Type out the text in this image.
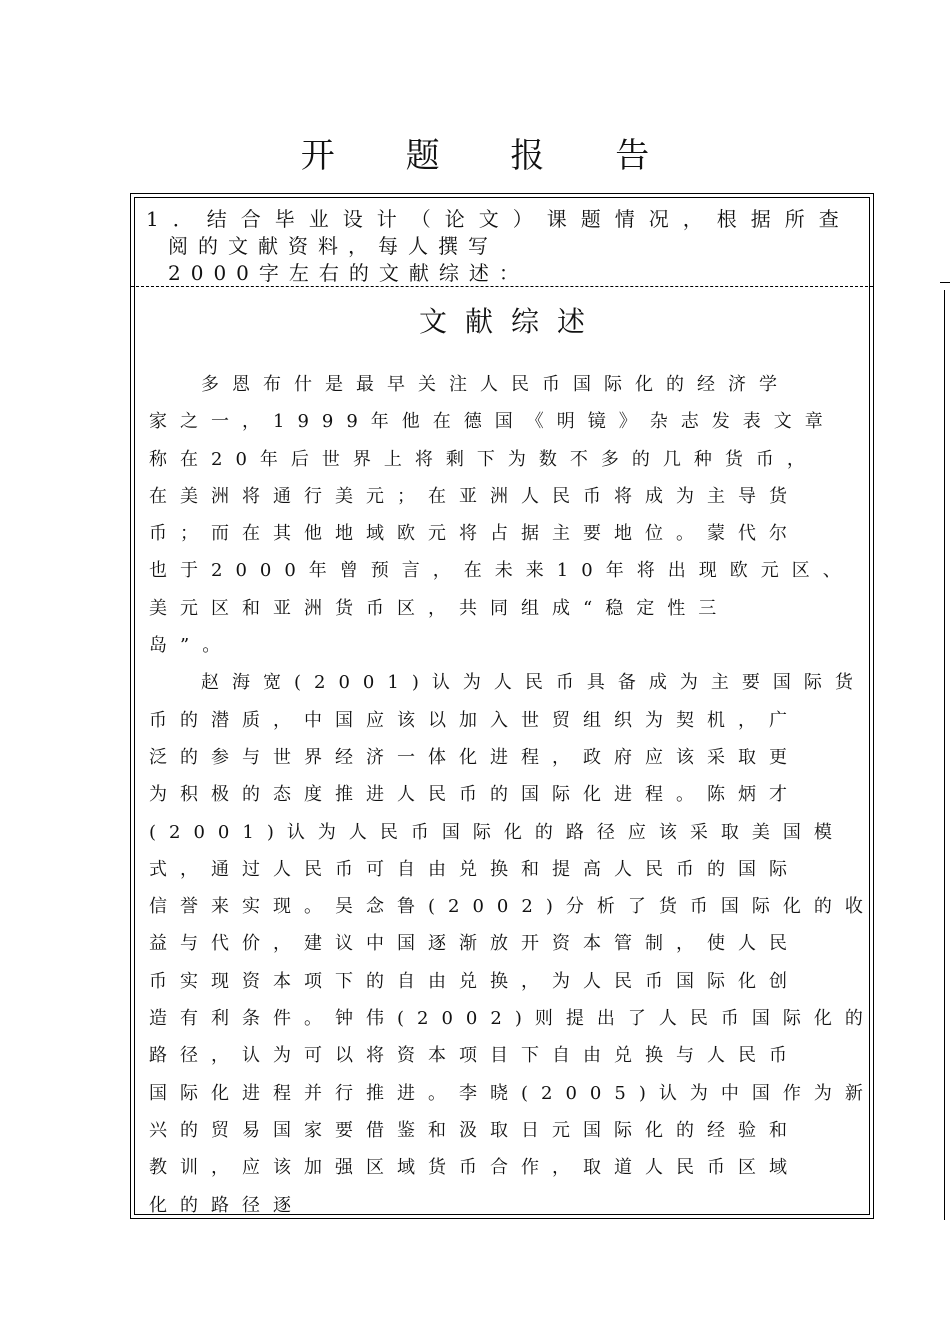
开 题 报 告
1．结合毕业设计（论文）课题情况，根据所查
阅的文献资料，每人撰写
2000字左右的文献综述：
文献综述
多恩布什是最早关注人民币国际化的经济学
家之一，1999年他在德国《明镜》杂志发表文章
称在20年后世界上将剩下为数不多的几种货币，
在美洲将通行美元；在亚洲人民币将成为主导货
币；而在其他地域欧元将占据主要地位。蒙代尔
也于2000年曾预言，在未来10年将出现欧元区、
美元区和亚洲货币区，共同组成“稳定性三
岛”。
赵海宽(2001)认为人民币具备成为主要国际货
币的潜质，中国应该以加入世贸组织为契机，广
泛的参与世界经济一体化进程，政府应该采取更
为积极的态度推进人民币的国际化进程。陈炳才
(2001)认为人民币国际化的路径应该采取美国模
式，通过人民币可自由兑换和提高人民币的国际
信誉来实现。吴念鲁(2002)分析了货币国际化的收
益与代价，建议中国逐渐放开资本管制，使人民
币实现资本项下的自由兑换，为人民币国际化创
造有利条件。钟伟(2002)则提出了人民币国际化的
路径，认为可以将资本项目下自由兑换与人民币
国际化进程并行推进。李晓(2005)认为中国作为新
兴的贸易国家要借鉴和汲取日元国际化的经验和
教训，应该加强区域货币合作，取道人民币区域
化的路径逐
